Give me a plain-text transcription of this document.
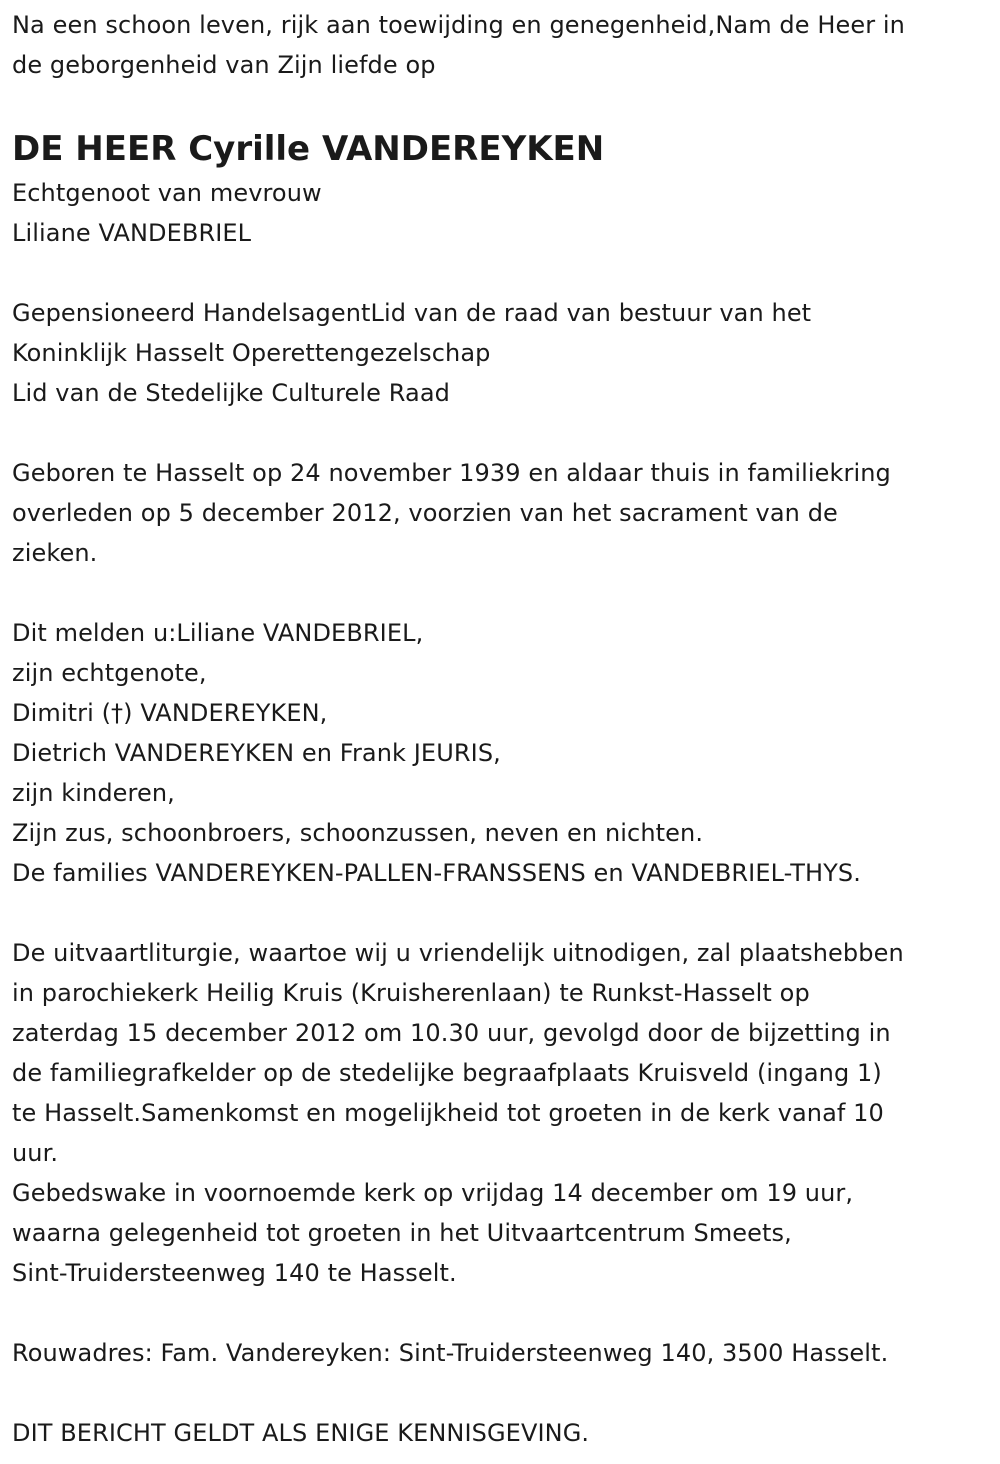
Na een schoon leven, rijk aan toewijding en genegenheid,Nam de Heer in
de geborgenheid van Zijn liefde op
DE HEER Cyrille VANDEREYKEN
Echtgenoot van mevrouw
Liliane VANDEBRIEL
Gepensioneerd HandelsagentLid van de raad van bestuur van het
Koninklijk Hasselt Operettengezelschap
Lid van de Stedelijke Culturele Raad
Geboren te Hasselt op 24 november 1939 en aldaar thuis in familiekring
overleden op 5 december 2012, voorzien van het sacrament van de
zieken.
Dit melden u:Liliane VANDEBRIEL,
zijn echtgenote,
Dimitri (†) VANDEREYKEN,
Dietrich VANDEREYKEN en Frank JEURIS,
zijn kinderen,
Zijn zus, schoonbroers, schoonzussen, neven en nichten.
De families VANDEREYKEN-PALLEN-FRANSSENS en VANDEBRIEL-THYS.
De uitvaartliturgie, waartoe wij u vriendelijk uitnodigen, zal plaatshebben
in parochiekerk Heilig Kruis (Kruisherenlaan) te Runkst-Hasselt op
zaterdag 15 december 2012 om 10.30 uur, gevolgd door de bijzetting in
de familiegrafkelder op de stedelijke begraafplaats Kruisveld (ingang 1)
te Hasselt.Samenkomst en mogelijkheid tot groeten in de kerk vanaf 10
uur.
Gebedswake in voornoemde kerk op vrijdag 14 december om 19 uur,
waarna gelegenheid tot groeten in het Uitvaartcentrum Smeets,
Sint-Truidersteenweg 140 te Hasselt.
Rouwadres: Fam. Vandereyken: Sint-Truidersteenweg 140, 3500 Hasselt.
DIT BERICHT GELDT ALS ENIGE KENNISGEVING.
